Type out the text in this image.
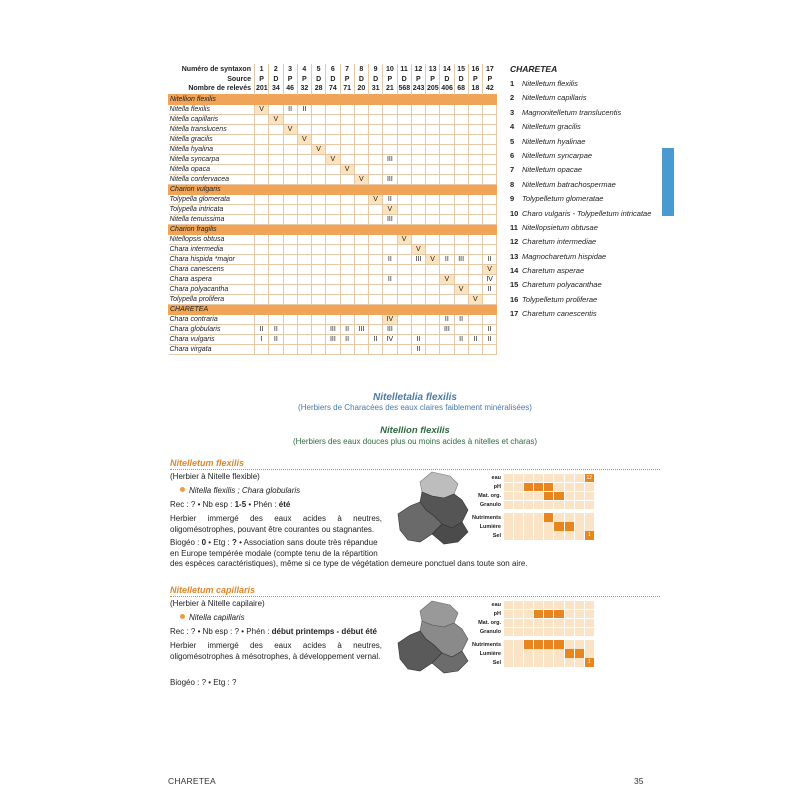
Numéro de syntaxon	1	2	3	4	5	6	7	8	9	10	11	12	13	14	15	16	17
Source	P	D	P	P	D	D	P	D	D	P	D	P	P	D	D	P	P
Nombre de relevés	201	34	46	32	28	74	71	20	31	21	568	243	205	406	68	18	42
Nitellion flexilis																	
Nitella flexilis	V		II	II													
Nitella capillaris		V															
Nitella translucens			V														
Nitella gracilis				V													
Nitella hyalina					V												
Nitella syncarpa						V				III							
Nitella opaca							V										
Nitella confervacea								V		III							
Charion vulgaris																	
Tolypella glomerata									V	II							
Tolypella intricata										V							
Nitella tenuissima										III							
Charion fragilis																	
Nitellopsis obtusa											V						
Chara intermedia												V					
Chara hispida *major										II		III	V	II	III		II
Chara canescens																	V
Chara aspera										II				V			IV
Chara polyacantha															V		II
Tolypella prolifera																V	
CHARETEA																	
Chara contraria										IV				II	II		
Chara globularis	II	II				III	II	III		III				III			II
Chara vulgaris	I	II				III	II		II	IV		II			II	II	II
Chara virgata												II					
CHARETEA
1	Nitelletum flexilis
2	Nitelletum capillaris
3	Magnonitelletum translucentis
4	Nitelletum gracilis
5	Nitelletum hyalinae
6	Nitelletum syncarpae
7	Nitelletum opacae
8	Nitelletum batrachospermae
9	Tolypelletum glomeratae
10 Charo vulgaris - Tolypelletum intricatae
11 Nitellopsietum obtusae
12 Charetum intermediae
13 Magnocharetum hispidae
14 Charetum asperae
15 Charetum polyacanthae
16 Tolypelletum proliferae
17 Charetum canescentis
Nitelletalia flexilis
(Herbiers de Characées des eaux claires faiblement minéralisées)
Nitellion flexilis
(Herbiers des eaux douces plus ou moins acides à nitelles et charas)
Nitelletum flexilis
(Herbier à Nitelle flexible)
Nitella flexilis ; Chara globularis
Rec : ? • Nb esp : 1-5 • Phén : été
Herbier immergé des eaux acides à neutres, oligomésotrophes, pouvant être courantes ou stagnantes.
Biogéo : 0 • Etg : ? • Association sans doute très répandue
en Europe tempérée modale (compte tenu de la répartition
des espèces caractéristiques), même si ce type de végétation demeure ponctuel dans toute son aire.
eau	12
pH
Mat. org.
Granulo
Nutriments
Lumière
Sel	1
Nitelletum capillaris
(Herbier à Nitelle capilaire)
Nitella capillaris
Rec : ? • Nb esp : ? • Phén : début printemps - début été
Herbier immergé des eaux acides à neutres, oligomésotrophes à mésotrophes, à développement vernal.
Biogéo : ? • Etg : ?
eau
pH
Mat. org.
Granulo
Nutriments
Lumière
Sel	1
CHARETEA	35
